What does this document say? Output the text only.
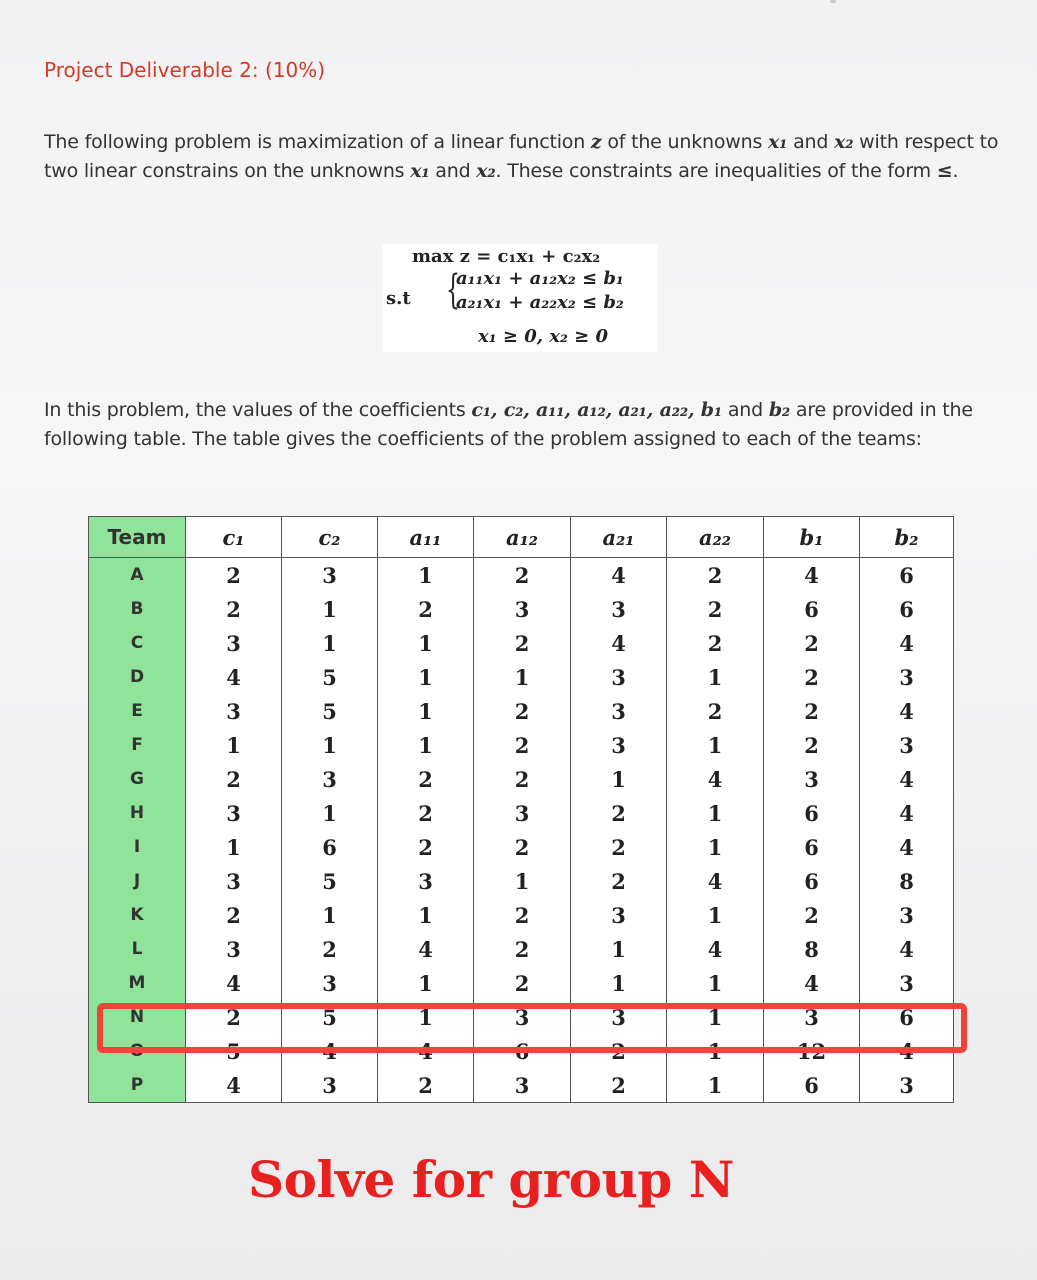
Project Deliverable 2: (10%)
The following problem is maximization of a linear function z of the unknowns x₁ and x₂ with respect to two linear constrains on the unknowns x₁ and x₂. These constraints are inequalities of the form ≤.
max z = c₁x₁ + c₂x₂
s.t {
a₁₁x₁ + a₁₂x₂ ≤ b₁
a₂₁x₁ + a₂₂x₂ ≤ b₂
x₁ ≥ 0, x₂ ≥ 0
In this problem, the values of the coefficients c₁, c₂, a₁₁, a₁₂, a₂₁, a₂₂, b₁ and b₂ are provided in the following table. The table gives the coefficients of the problem assigned to each of the teams:
Team	c₁	c₂	a₁₁	a₁₂	a₂₁	a₂₂	b₁	b₂
A	2	3	1	2	4	2	4	6
B	2	1	2	3	3	2	6	6
C	3	1	1	2	4	2	2	4
D	4	5	1	1	3	1	2	3
E	3	5	1	2	3	2	2	4
F	1	1	1	2	3	1	2	3
G	2	3	2	2	1	4	3	4
H	3	1	2	3	2	1	6	4
I	1	6	2	2	2	1	6	4
J	3	5	3	1	2	4	6	8
K	2	1	1	2	3	1	2	3
L	3	2	4	2	1	4	8	4
M	4	3	1	2	1	1	4	3
N	2	5	1	3	3	1	3	6
O	5	4	4	6	2	1	12	4
P	4	3	2	3	2	1	6	3
Solve for group N
